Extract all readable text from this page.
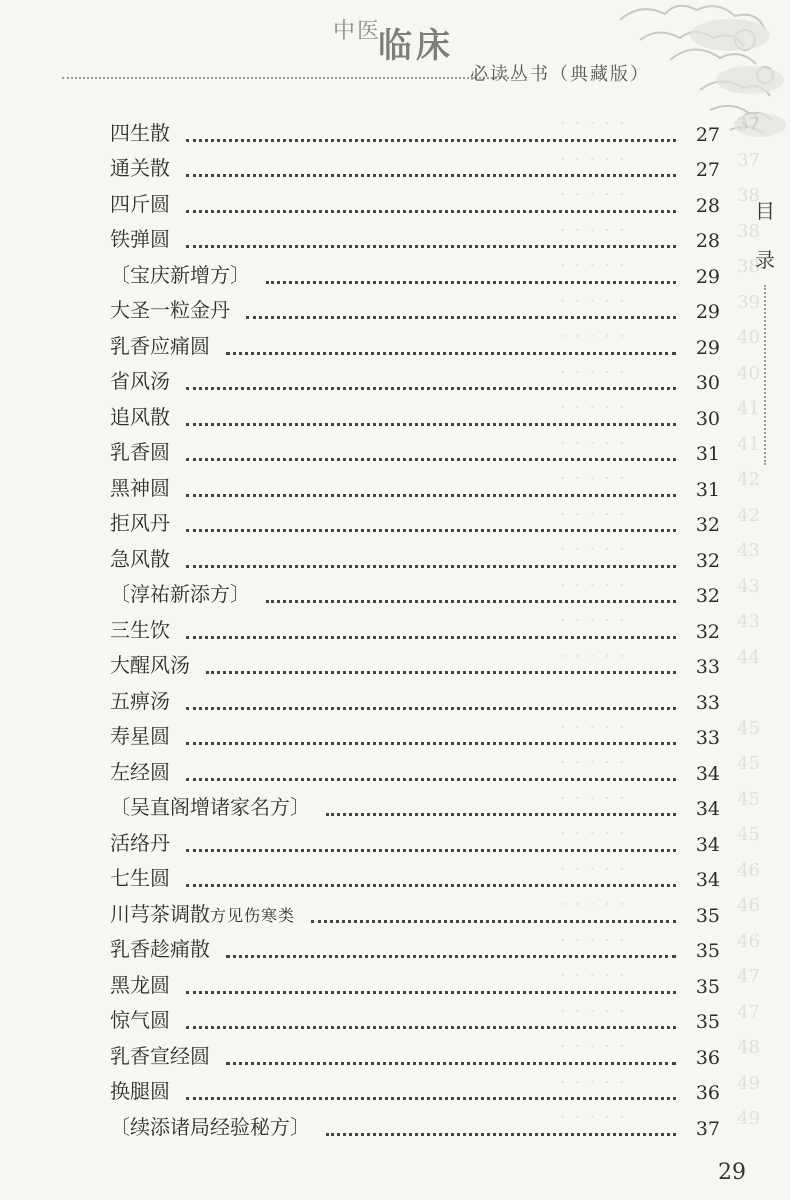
中医
临床
必读丛书（典藏版）
· · · · ·	37
· · · · ·	37
· · · · ·	38
· · · · ·	38
· · · · ·	38
· · · · ·	39
· · · · ·	40
· · · · ·	40
· · · · ·	41
· · · · ·	41
· · · · ·	42
· · · · ·	42
· · · · ·	43
· · · · ·	43
· · · · ·	43
· · · · ·	44
· · · · ·	45
· · · · ·	45
· · · · ·	45
· · · · ·	45
· · · · ·	46
· · · · ·	46
· · · · ·	46
· · · · ·	47
· · · · ·	47
· · · · ·	48
· · · · ·	49
· · · · ·	49
目
录
四生散	27
通关散	27
四斤圆	28
铁弹圆	28
〔宝庆新增方〕	29
大圣一粒金丹	29
乳香应痛圆	29
省风汤	30
追风散	30
乳香圆	31
黑神圆	31
拒风丹	32
急风散	32
〔淳祐新添方〕	32
三生饮	32
大醒风汤	33
五痹汤	33
寿星圆	33
左经圆	34
〔吴直阁增诸家名方〕	34
活络丹	34
七生圆	34
川芎茶调散方见伤寒类	35
乳香趁痛散	35
黑龙圆	35
惊气圆	35
乳香宣经圆	36
换腿圆	36
〔续添诸局经验秘方〕	37
29
